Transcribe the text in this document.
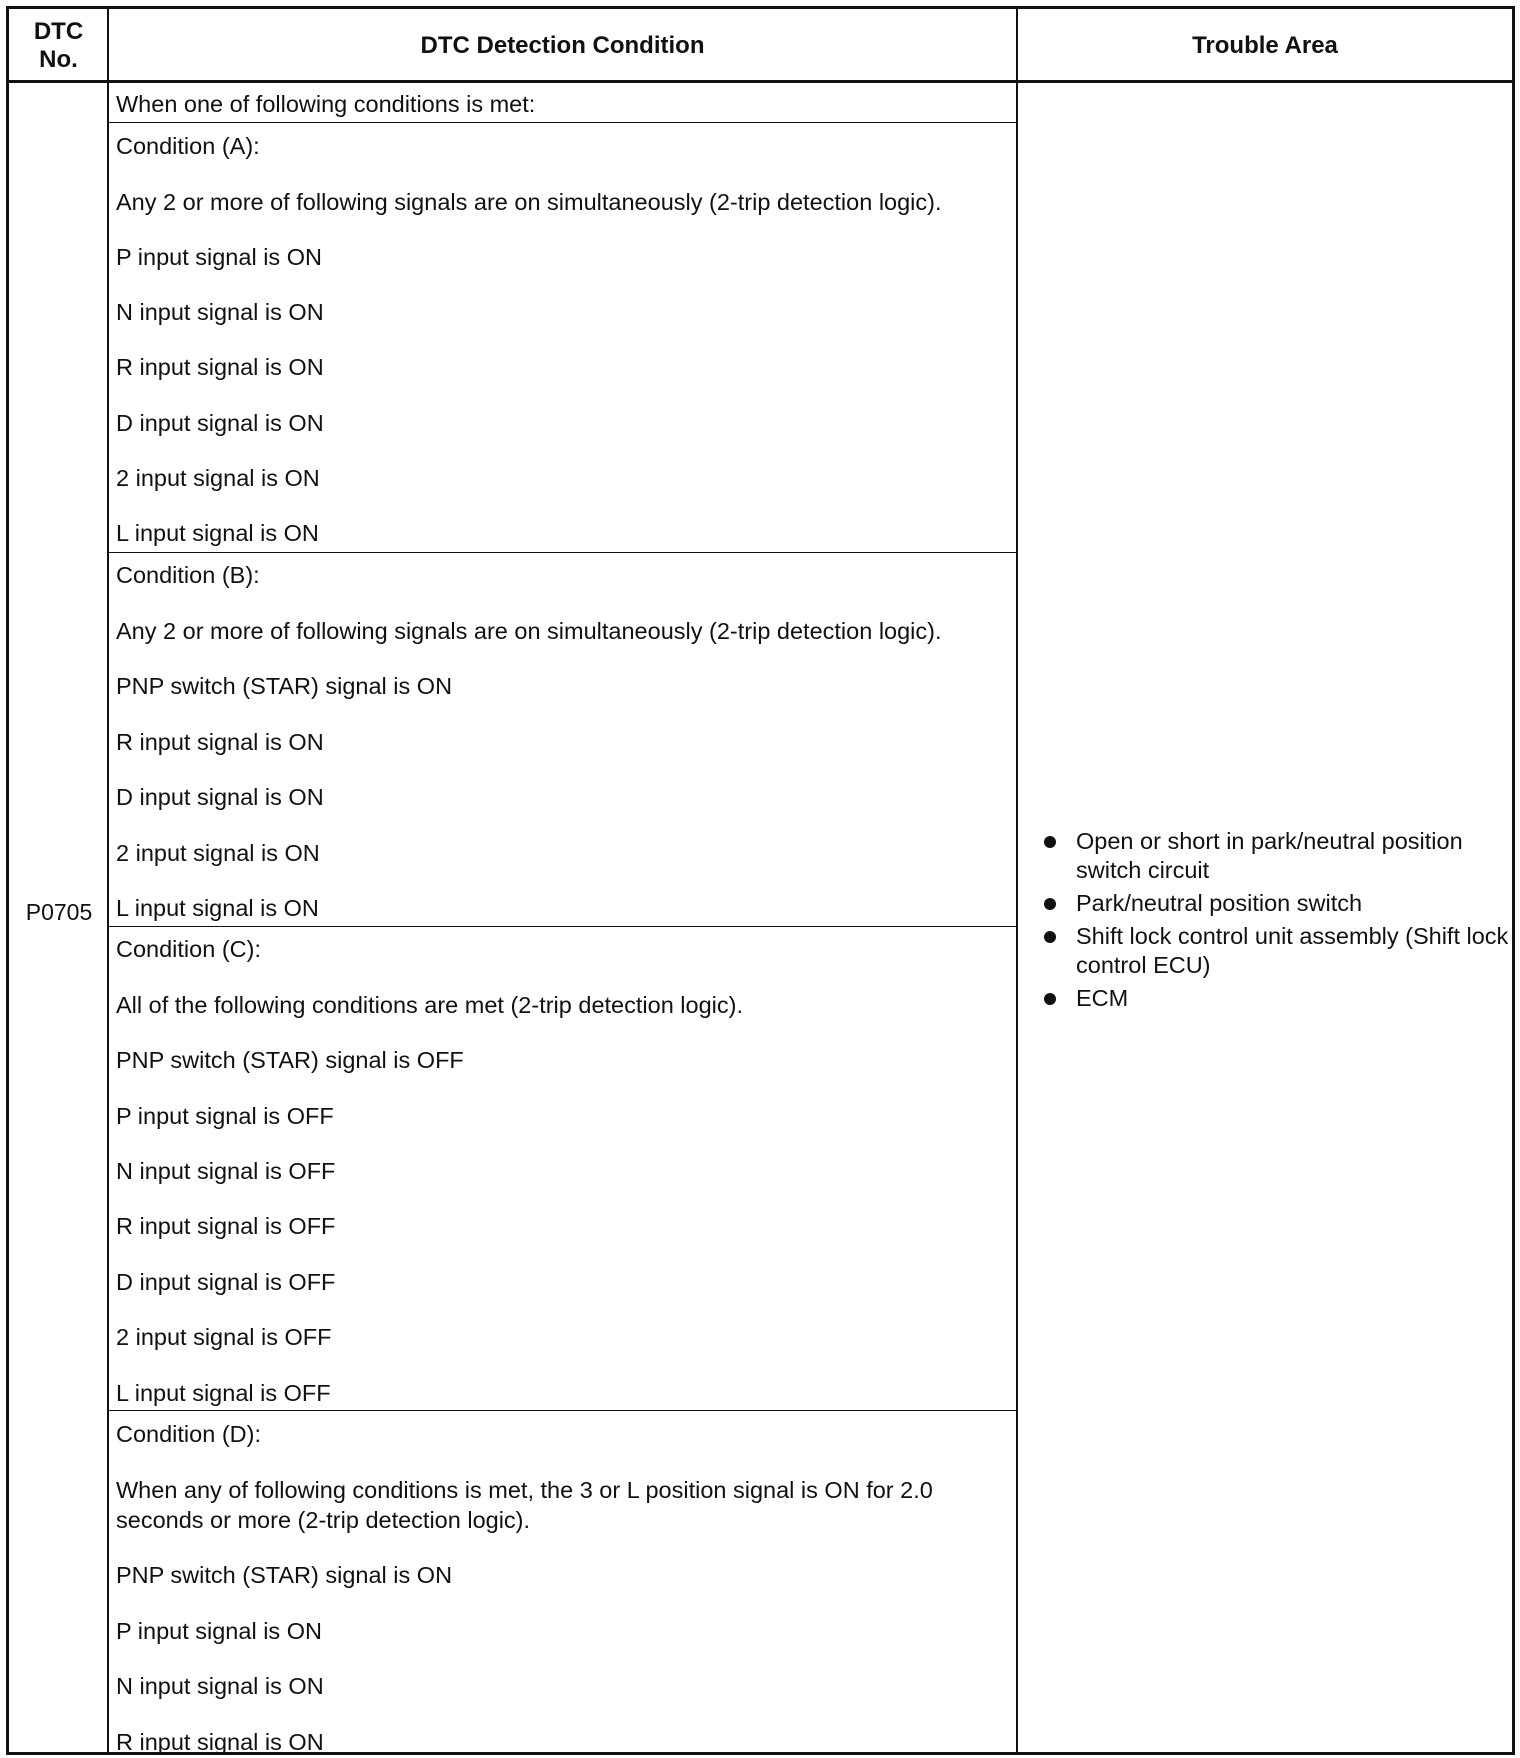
DTC No.
DTC Detection Condition	Trouble Area
P0705
When one of following conditions is met:
Condition (A):
Any 2 or more of following signals are on simultaneously (2-trip detection logic).
P input signal is ON
N input signal is ON
R input signal is ON
D input signal is ON
2 input signal is ON
L input signal is ON
Condition (B):
Any 2 or more of following signals are on simultaneously (2-trip detection logic).
PNP switch (STAR) signal is ON
R input signal is ON
D input signal is ON
2 input signal is ON
L input signal is ON
Condition (C):
All of the following conditions are met (2-trip detection logic).
PNP switch (STAR) signal is OFF
P input signal is OFF
N input signal is OFF
R input signal is OFF
D input signal is OFF
2 input signal is OFF
L input signal is OFF
Condition (D):
When any of following conditions is met, the 3 or L position signal is ON for 2.0
seconds or more (2-trip detection logic).
PNP switch (STAR) signal is ON
P input signal is ON
N input signal is ON
R input signal is ON
Open or short in park/neutral position switch circuit
Park/neutral position switch
Shift lock control unit assembly (Shift lock control ECU)
ECM
